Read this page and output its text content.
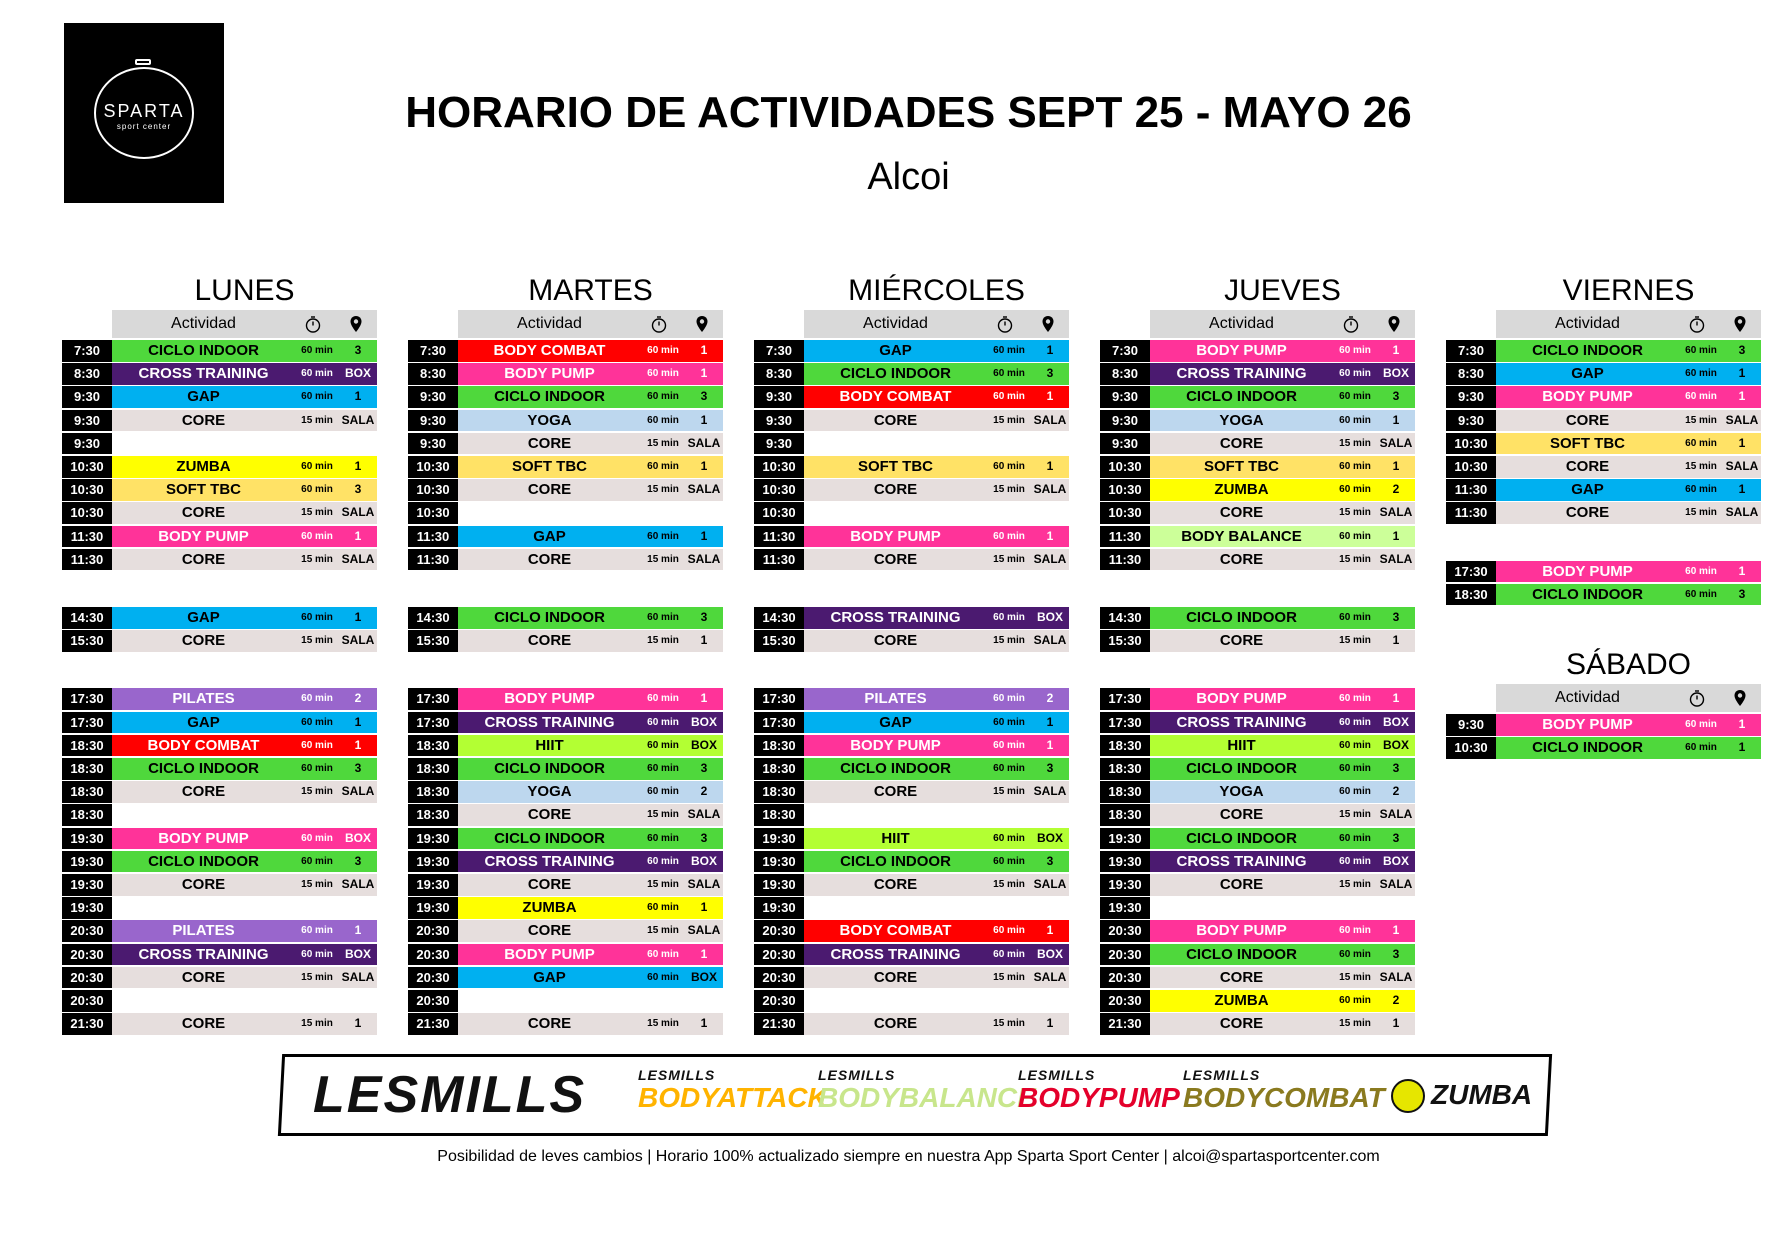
SPARTA
sport center	HORARIO DE ACTIVIDADES SEPT 25 - MAYO 26
Alcoi
LUNES
Actividad
7:30	CICLO INDOOR	60 min	3
8:30	CROSS TRAINING	60 min	BOX
9:30	GAP	60 min	1
9:30	CORE	15 min SALA
9:30
10:30	ZUMBA	60 min	1
10:30	SOFT TBC	60 min	3
10:30	CORE	15 min SALA
11:30	BODY PUMP	60 min	1
11:30	CORE	15 min SALA
14:30	GAP	60 min	1
15:30	CORE	15 min SALA
17:30	PILATES	60 min	2
17:30	GAP	60 min	1
18:30	BODY COMBAT	60 min	1
18:30	CICLO INDOOR	60 min	3
18:30	CORE	15 min SALA
18:30
19:30	BODY PUMP	60 min	BOX
19:30	CICLO INDOOR	60 min	3
19:30	CORE	15 min SALA
19:30
20:30	PILATES	60 min	1
20:30	CROSS TRAINING	60 min	BOX
20:30	CORE	15 min SALA
20:30
21:30	CORE	15 min	1
MARTES
Actividad
7:30	BODY COMBAT	60 min	1
8:30	BODY PUMP	60 min	1
9:30	CICLO INDOOR	60 min	3
9:30	YOGA	60 min	1
9:30	CORE	15 min SALA
10:30	SOFT TBC	60 min	1
10:30	CORE	15 min SALA
10:30
11:30	GAP	60 min	1
11:30	CORE	15 min SALA
14:30	CICLO INDOOR	60 min	3
15:30	CORE	15 min	1
17:30	BODY PUMP	60 min	1
17:30	CROSS TRAINING	60 min	BOX
18:30	HIIT	60 min	BOX
18:30	CICLO INDOOR	60 min	3
18:30	YOGA	60 min	2
18:30	CORE	15 min SALA
19:30	CICLO INDOOR	60 min	3
19:30	CROSS TRAINING	60 min	BOX
19:30	CORE	15 min SALA
19:30	ZUMBA	60 min	1
20:30	CORE	15 min SALA
20:30	BODY PUMP	60 min	1
20:30	GAP	60 min	BOX
20:30
21:30	CORE	15 min	1
MIÉRCOLES
Actividad
7:30	GAP	60 min	1
8:30	CICLO INDOOR	60 min	3
9:30	BODY COMBAT	60 min	1
9:30	CORE	15 min SALA
9:30
10:30	SOFT TBC	60 min	1
10:30	CORE	15 min SALA
10:30
11:30	BODY PUMP	60 min	1
11:30	CORE	15 min SALA
14:30	CROSS TRAINING	60 min	BOX
15:30	CORE	15 min SALA
17:30	PILATES	60 min	2
17:30	GAP	60 min	1
18:30	BODY PUMP	60 min	1
18:30	CICLO INDOOR	60 min	3
18:30	CORE	15 min SALA
18:30
19:30	HIIT	60 min	BOX
19:30	CICLO INDOOR	60 min	3
19:30	CORE	15 min SALA
19:30
20:30	BODY COMBAT	60 min	1
20:30	CROSS TRAINING	60 min	BOX
20:30	CORE	15 min SALA
20:30
21:30	CORE	15 min	1
JUEVES
Actividad
7:30	BODY PUMP	60 min	1
8:30	CROSS TRAINING	60 min	BOX
9:30	CICLO INDOOR	60 min	3
9:30	YOGA	60 min	1
9:30	CORE	15 min SALA
10:30	SOFT TBC	60 min	1
10:30	ZUMBA	60 min	2
10:30	CORE	15 min SALA
11:30	BODY BALANCE	60 min	1
11:30	CORE	15 min SALA
14:30	CICLO INDOOR	60 min	3
15:30	CORE	15 min	1
17:30	BODY PUMP	60 min	1
17:30	CROSS TRAINING	60 min	BOX
18:30	HIIT	60 min	BOX
18:30	CICLO INDOOR	60 min	3
18:30	YOGA	60 min	2
18:30	CORE	15 min SALA
19:30	CICLO INDOOR	60 min	3
19:30	CROSS TRAINING	60 min	BOX
19:30	CORE	15 min SALA
19:30
20:30	BODY PUMP	60 min	1
20:30	CICLO INDOOR	60 min	3
20:30	CORE	15 min SALA
20:30	ZUMBA	60 min	2
21:30	CORE	15 min	1
VIERNES
Actividad
7:30	CICLO INDOOR	60 min	3
8:30	GAP	60 min	1
9:30	BODY PUMP	60 min	1
9:30	CORE	15 min SALA
10:30	SOFT TBC	60 min	1
10:30	CORE	15 min SALA
11:30	GAP	60 min	1
11:30	CORE	15 min SALA
17:30	BODY PUMP	60 min	1
18:30	CICLO INDOOR	60 min	3
SÁBADO
Actividad
9:30	BODY PUMP	60 min	1
10:30	CICLO INDOOR	60 min	1
LESMILLS	LESMILLS
BODYATTACK
LESMILLS
BODYBALANCE
LESMILLS
BODYPUMP
LESMILLS
BODYCOMBAT ZUMBA
Posibilidad de leves cambios | Horario 100% actualizado siempre en nuestra App Sparta Sport Center | alcoi@spartasportcenter.com
